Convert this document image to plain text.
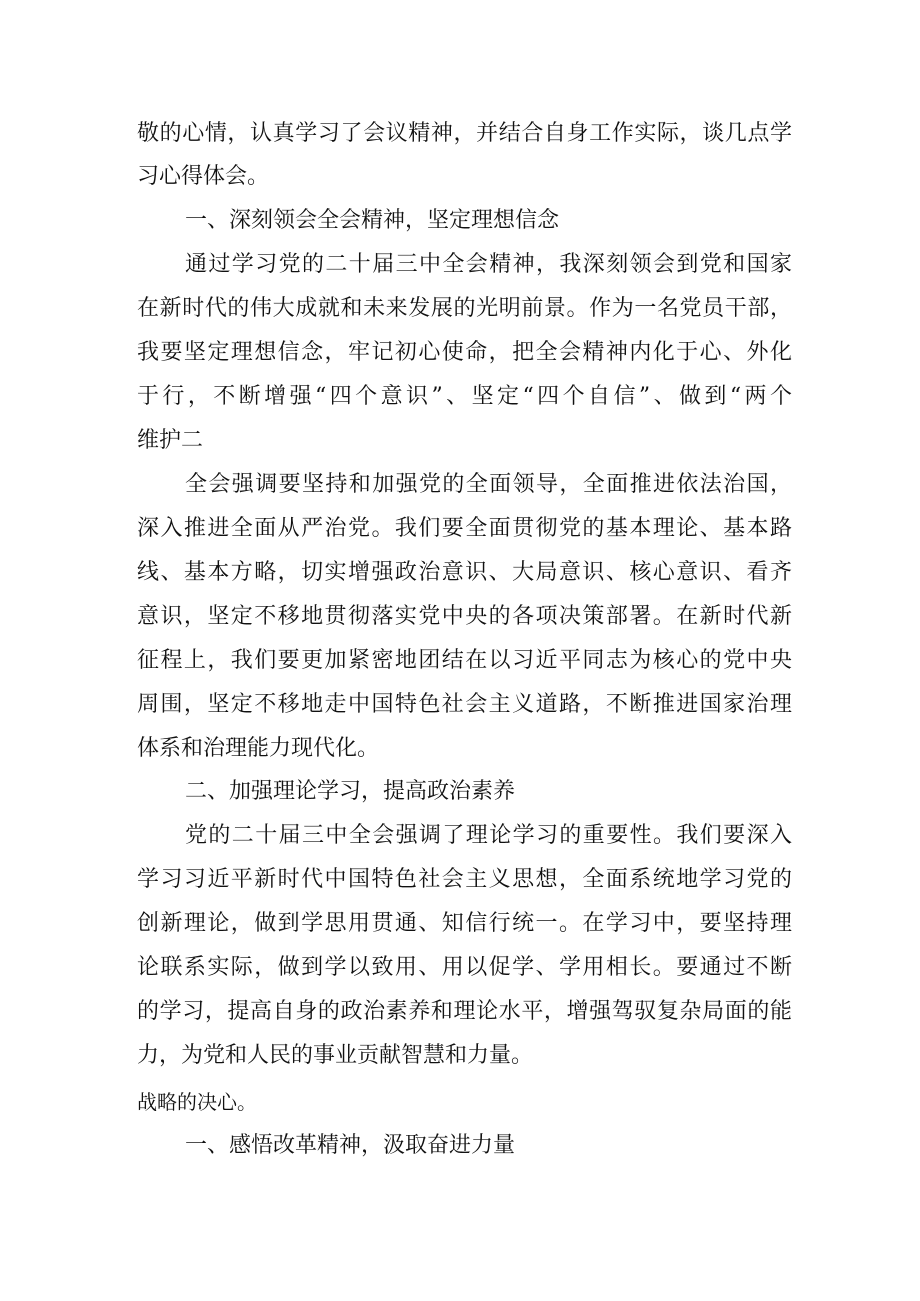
敬的心情，认真学习了会议精神，并结合自身工作实际，谈几点学

习心得体会。

一、深刻领会全会精神，坚定理想信念

通过学习党的二十届三中全会精神，我深刻领会到党和国家

在新时代的伟大成就和未来发展的光明前景。作为一名党员干部，

我要坚定理想信念，牢记初心使命，把全会精神内化于心、外化

于行，不断增强“四个意识”、坚定“四个自信”、做到“两个

维护二

全会强调要坚持和加强党的全面领导，全面推进依法治国，

深入推进全面从严治党。我们要全面贯彻党的基本理论、基本路

线、基本方略，切实增强政治意识、大局意识、核心意识、看齐

意识，坚定不移地贯彻落实党中央的各项决策部署。在新时代新

征程上，我们要更加紧密地团结在以习近平同志为核心的党中央

周围，坚定不移地走中国特色社会主义道路，不断推进国家治理

体系和治理能力现代化。

二、加强理论学习，提高政治素养

党的二十届三中全会强调了理论学习的重要性。我们要深入

学习习近平新时代中国特色社会主义思想，全面系统地学习党的

创新理论，做到学思用贯通、知信行统一。在学习中，要坚持理

论联系实际，做到学以致用、用以促学、学用相长。要通过不断

的学习，提高自身的政治素养和理论水平，增强驾驭复杂局面的能

力，为党和人民的事业贡献智慧和力量。

战略的决心。

一、感悟改革精神，汲取奋进力量
